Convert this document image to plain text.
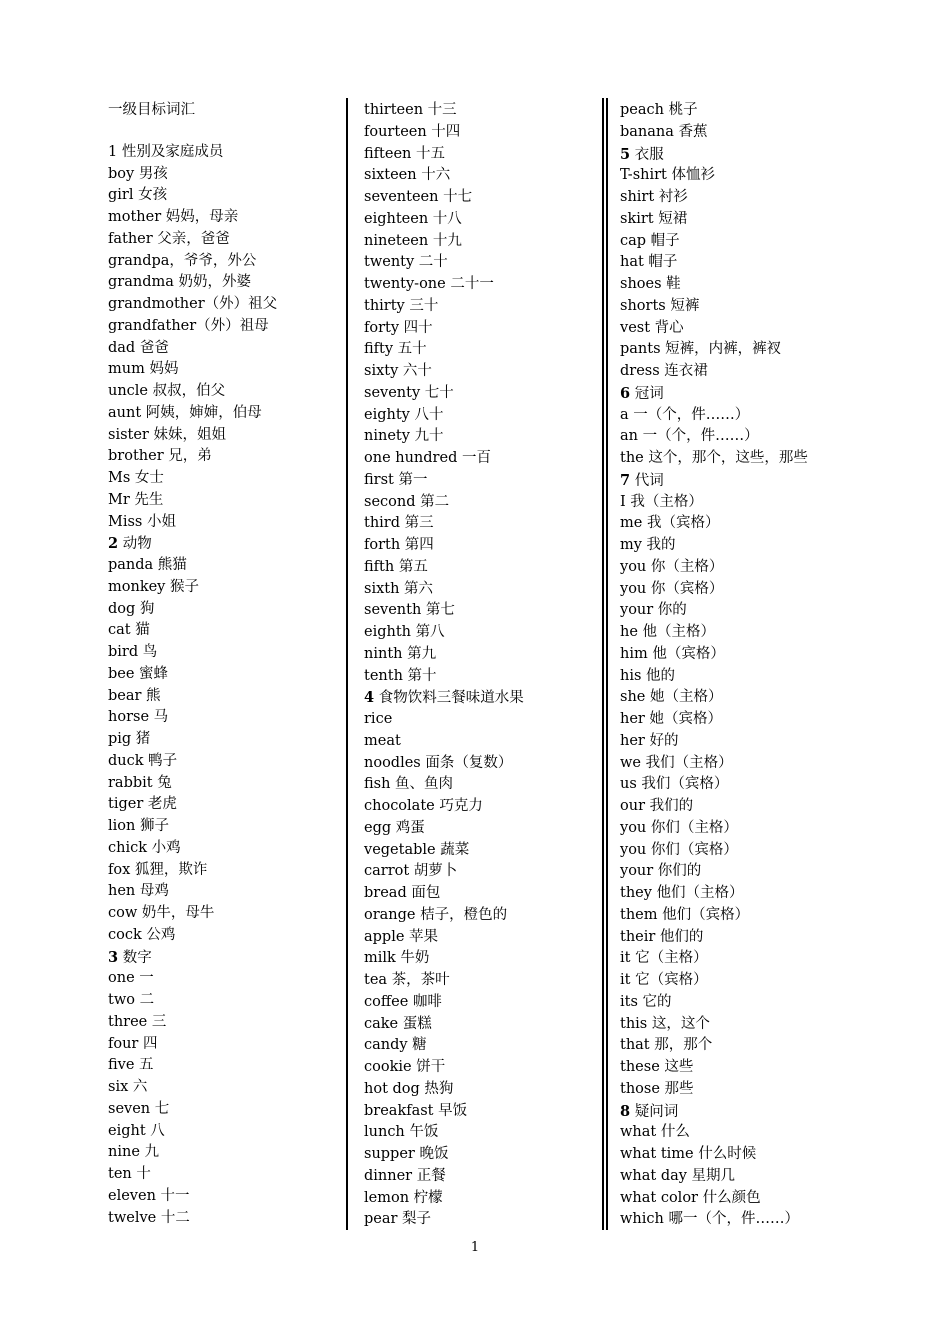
一级目标词汇
1 性别及家庭成员
boy 男孩
girl 女孩
mother 妈妈，母亲
father 父亲，爸爸
grandpa，爷爷，外公
grandma 奶奶，外婆
grandmother（外）祖父
grandfather（外）祖母
dad 爸爸
mum 妈妈
uncle 叔叔，伯父
aunt 阿姨，婶婶，伯母
sister 妹妹，姐姐
brother 兄，弟
Ms 女士
Mr 先生
Miss 小姐
2 动物
panda 熊猫
monkey 猴子
dog 狗
cat 猫
bird 鸟
bee 蜜蜂
bear 熊
horse 马
pig 猪
duck 鸭子
rabbit 兔
tiger 老虎
lion 狮子
chick 小鸡
fox 狐狸，欺诈
hen 母鸡
cow 奶牛，母牛
cock 公鸡
3 数字
one 一
two 二
three 三
four 四
five 五
six 六
seven 七
eight 八
nine 九
ten 十
eleven 十一
twelve 十二
thirteen 十三
fourteen 十四
fifteen 十五
sixteen 十六
seventeen 十七
eighteen 十八
nineteen 十九
twenty 二十
twenty-one 二十一
thirty 三十
forty 四十
fifty 五十
sixty 六十
seventy 七十
eighty 八十
ninety 九十
one hundred 一百
first 第一
second 第二
third 第三
forth 第四
fifth 第五
sixth 第六
seventh 第七
eighth 第八
ninth 第九
tenth 第十
4 食物饮料三餐味道水果
rice
meat
noodles 面条（复数）
fish 鱼、鱼肉
chocolate 巧克力
egg 鸡蛋
vegetable 蔬菜
carrot 胡萝卜
bread 面包
orange 桔子，橙色的
apple 苹果
milk 牛奶
tea 茶，茶叶
coffee 咖啡
cake 蛋糕
candy 糖
cookie 饼干
hot dog 热狗
breakfast 早饭
lunch 午饭
supper 晚饭
dinner 正餐
lemon 柠檬
pear 梨子
peach 桃子
banana 香蕉
5 衣服
T-shirt 体恤衫
shirt 衬衫
skirt 短裙
cap 帽子
hat 帽子
shoes 鞋
shorts 短裤
vest 背心
pants 短裤，内裤，裤衩
dress 连衣裙
6 冠词
a 一（个，件……）
an 一（个，件……）
the 这个，那个，这些，那些
7 代词
I 我（主格）
me 我（宾格）
my 我的
you 你（主格）
you 你（宾格）
your 你的
he 他（主格）
him 他（宾格）
his 他的
she 她（主格）
her 她（宾格）
her 好的
we 我们（主格）
us 我们（宾格）
our 我们的
you 你们（主格）
you 你们（宾格）
your 你们的
they 他们（主格）
them 他们（宾格）
their 他们的
it 它（主格）
it 它（宾格）
its 它的
this 这，这个
that 那，那个
these 这些
those 那些
8 疑问词
what 什么
what time 什么时候
what day 星期几
what color 什么颜色
which 哪一（个，件……）
1
